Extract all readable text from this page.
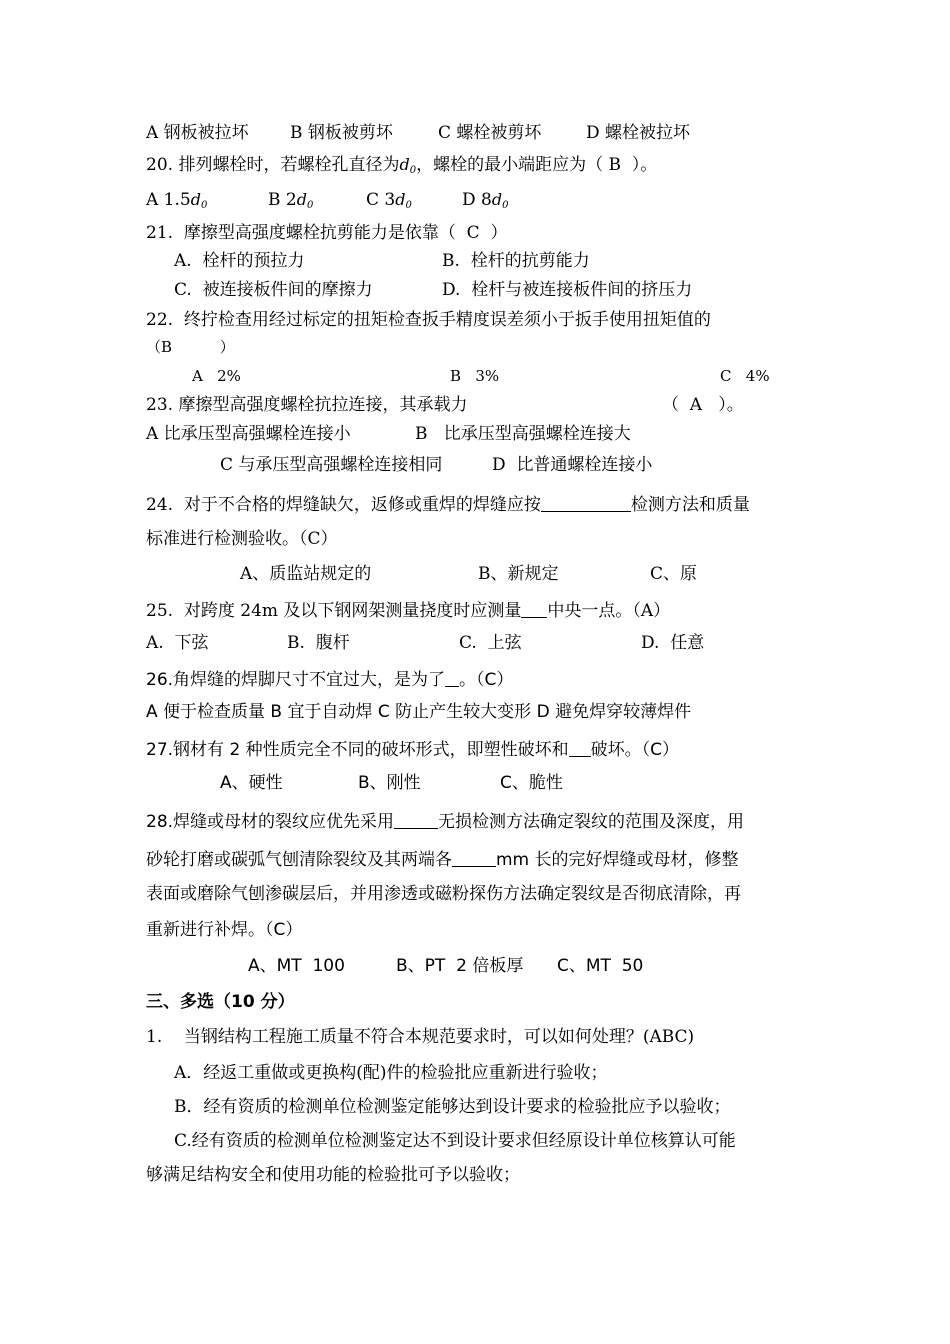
A 钢板被拉坏 B 钢板被剪坏	C 螺栓被剪坏	D 螺栓被拉坏
20. 排列螺栓时，若螺栓孔直径为$d_0$，螺栓的最小端距应为（ B  ）。
A $1.5d_0$	B $2d_0$	C $3d_0$	D $8d_0$
21.  摩擦型高强度螺栓抗剪能力是依靠（  C  ）
A.  栓杆的预拉力	B.  栓杆的抗剪能力
C.  被连接板件间的摩擦力	D.  栓杆与被连接板件间的挤压力
22.  终拧检查用经过标定的扭矩检查扳手精度误差须小于扳手使用扭矩值的
（B          ）
A   2%	B   3%	C   4%
23. 摩擦型高强度螺栓抗拉连接，其承载力	（  A   ）。
A 比承压型高强螺栓连接小	B   比承压型高强螺栓连接大
C 与承压型高强螺栓连接相同	D  比普通螺栓连接小
24.  对于不合格的焊缝缺欠，返修或重焊的焊缝应按	检测方法和质量
标准进行检测验收。（C）
A、质监站规定的	B、新规定	C、原
25.  对跨度 24m 及以下钢网架测量挠度时应测量 中央一点。（A）
A.  下弦	B.  腹杆	C.  上弦	D.  任意
26.角焊缝的焊脚尺寸不宜过大，是为了 。（C）
A 便于检查质量 B 宜于自动焊 C 防止产生较大变形 D 避免焊穿较薄焊件
27.钢材有 2 种性质完全不同的破坏形式，即塑性破坏和 破坏。（C）
A、硬性	B、刚性	C、脆性
28.焊缝或母材的裂纹应优先采用	无损检测方法确定裂纹的范围及深度，用
砂轮打磨或碳弧气刨清除裂纹及其两端各	mm 长的完好焊缝或母材，修整
表面或磨除气刨渗碳层后，并用渗透或磁粉探伤方法确定裂纹是否彻底清除，再
重新进行补焊。（C）
A、MT  100	B、PT  2 倍板厚 C、MT  50
三、多选（10 分）
1.    当钢结构工程施工质量不符合本规范要求时，可以如何处理？(ABC)
A．经返工重做或更换构(配)件的检验批应重新进行验收；
B．经有资质的检测单位检测鉴定能够达到设计要求的检验批应予以验收；
C.经有资质的检测单位检测鉴定达不到设计要求但经原设计单位核算认可能
够满足结构安全和使用功能的检验批可予以验收；
